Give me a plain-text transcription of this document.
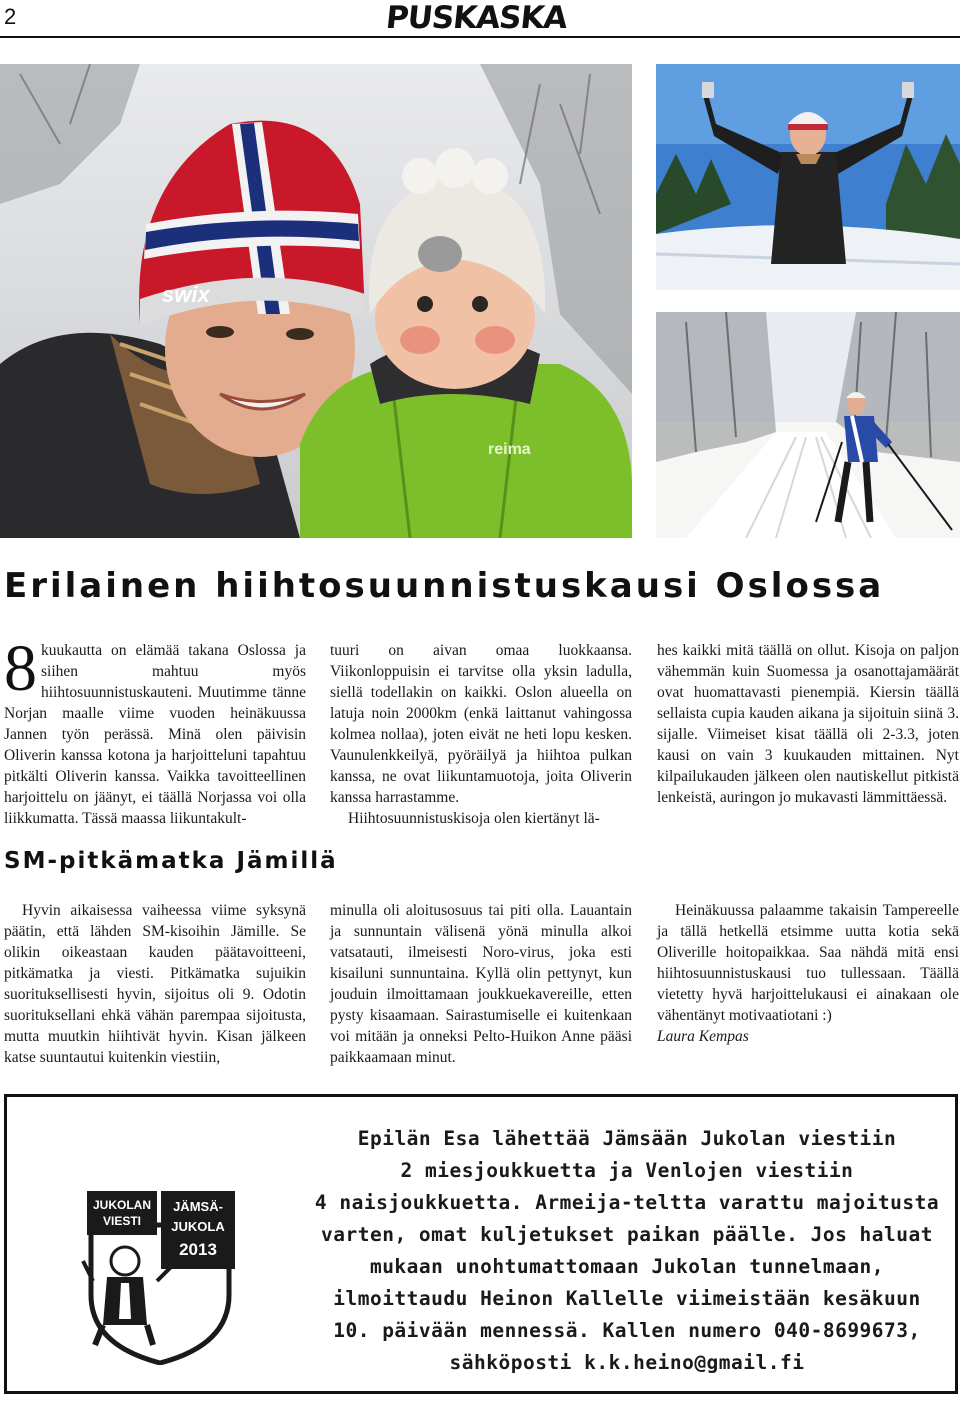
2	PUSKASKA
swix
reima
Erilainen hiihtosuunnistuskausi Oslossa
8 kuukautta on elämää takana Oslossa ja siihen mahtuu myös hiihtosuunnistuskauteni. Muutimme tänne Norjan maalle viime vuoden heinäkuussa Jannen työn perässä. Minä olen päivisin Oliverin kanssa kotona ja harjoitteluni tapahtuu pitkälti Oliverin kanssa. Vaikka tavoitteellinen harjoittelu on jäänyt, ei täällä Norjassa voi olla liikkumatta. Tässä maassa liikuntakult-

tuuri on aivan omaa luokkaansa. Viikonloppuisin ei tarvitse olla yksin ladulla, siellä todellakin on kaikki. Oslon alueella on latuja noin 2000km (enkä laittanut vahingossa kolmea nollaa), joten eivät ne heti lopu kesken. Vaunulenkkeilyä, pyöräilyä ja hiihtoa pulkan kanssa, ne ovat liikuntamuotoja, joita Oliverin kanssa harrastamme.

Hiihtosuunnistuskisoja olen kiertänyt lä-

hes kaikki mitä täällä on ollut. Kisoja on paljon vähemmän kuin Suomessa ja osanottajamäärät ovat huomattavasti pienempiä. Kiersin täällä sellaista cupia kauden aikana ja sijoituin siinä 3. sijalle. Viimeiset kisat täällä oli 2-3.3, joten kausi on vain 3 kuukauden mittainen. Nyt kilpailukauden jälkeen olen nautiskellut pitkistä lenkeistä, auringon jo mukavasti lämmittäessä.

SM-pitkämatka Jämillä

Hyvin aikaisessa vaiheessa viime syksynä päätin, että lähden SM-kisoihin Jämille. Se olikin oikeastaan kauden päätavoitteeni, pitkämatka ja viesti. Pitkämatka sujuikin suorituksellisesti hyvin, sijoitus oli 9. Odotin suorituksellani ehkä vähän parempaa sijoitusta, mutta muutkin hiihtivät hyvin. Kisan jälkeen katse suuntautui kuitenkin viestiin,

minulla oli aloitusosuus tai piti olla. Lauantain ja sunnuntain välisenä yönä minulla alkoi vatsatauti, ilmeisesti Noro-virus, joka esti kisailuni sunnuntaina. Kyllä olin pettynyt, kun jouduin ilmoittamaan joukkuekavereille, etten pysty kisaamaan. Sairastumiselle ei kuitenkaan voi mitään ja onneksi Pelto-Huikon Anne pääsi paikkaamaan minut.

Heinäkuussa palaamme takaisin Tampereelle ja tällä hetkellä etsimme uutta kotia sekä Oliverille hoitopaikkaa. Saa nähdä mitä ensi hiihtosuunnistuskausi tuo tullessaan. Täällä vietetty hyvä harjoittelukausi ei ainakaan ole vähentänyt motivaatiotani :)

Laura Kempas

JUKOLAN
VIESTI
JÄMSÄ-
JUKOLA
2013
Epilän Esa lähettää Jämsään Jukolan viestiin
2 miesjoukkuetta ja Venlojen viestiin
4 naisjoukkuetta. Armeija-teltta varattu majoitusta
varten, omat kuljetukset paikan päälle. Jos haluat
mukaan unohtumattomaan Jukolan tunnelmaan,
ilmoittaudu Heinon Kallelle viimeistään kesäkuun
10. päivään mennessä. Kallen numero 040-8699673,
sähköposti k.k.heino@gmail.fi
